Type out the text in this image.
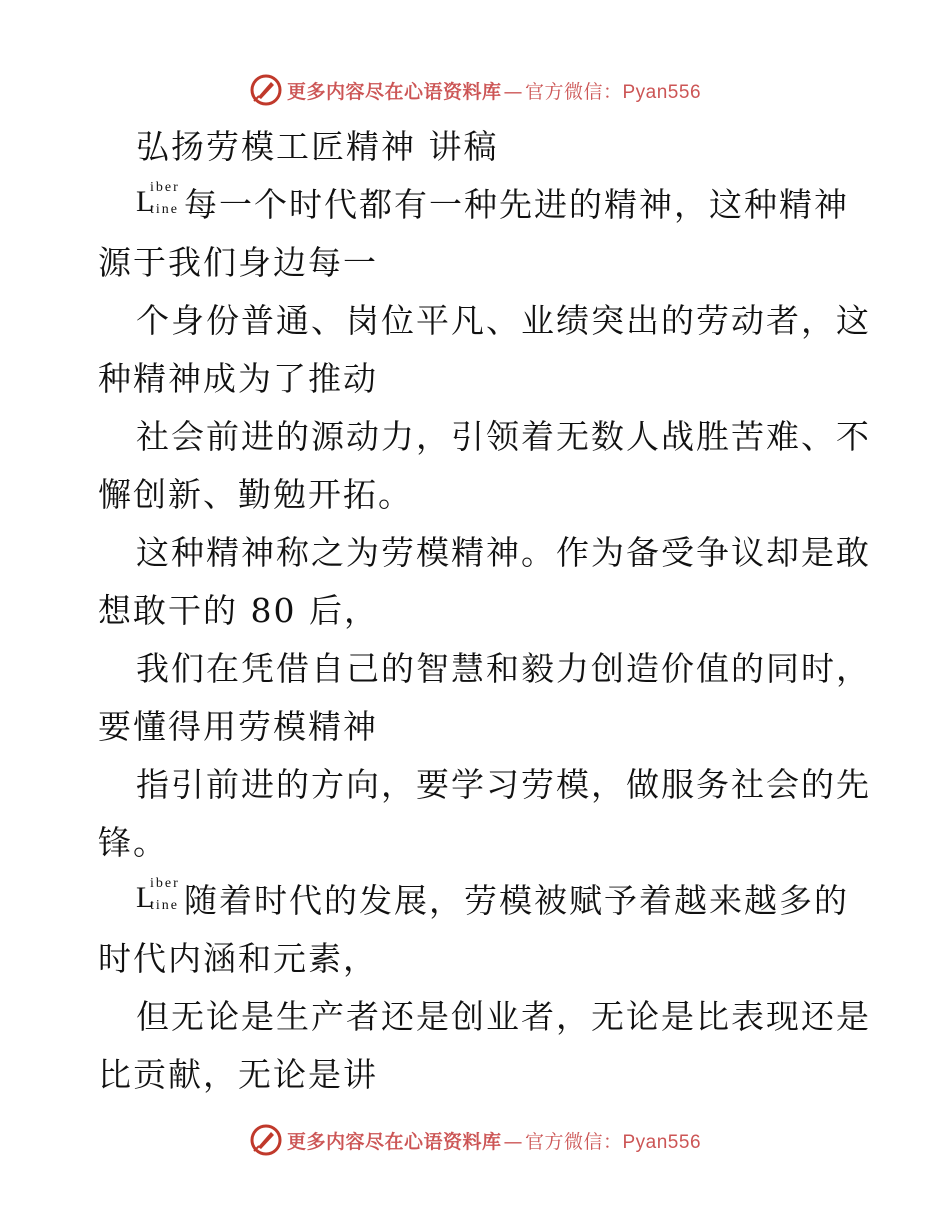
更多内容尽在心语资料库 — 官方微信：Pyan556
弘扬劳模工匠精神 讲稿
L
iber
tine 每一个时代都有一种先进的精神，这种精神
源于我们身边每一
个身份普通、岗位平凡、业绩突出的劳动者，这
种精神成为了推动
社会前进的源动力，引领着无数人战胜苦难、不
懈创新、勤勉开拓。
这种精神称之为劳模精神。作为备受争议却是敢
想敢干的 80 后，
我们在凭借自己的智慧和毅力创造价值的同时，
要懂得用劳模精神
指引前进的方向，要学习劳模，做服务社会的先
锋。
L
iber
tine 随着时代的发展，劳模被赋予着越来越多的
时代内涵和元素，
但无论是生产者还是创业者，无论是比表现还是
比贡献，无论是讲
更多内容尽在心语资料库 — 官方微信：Pyan556
